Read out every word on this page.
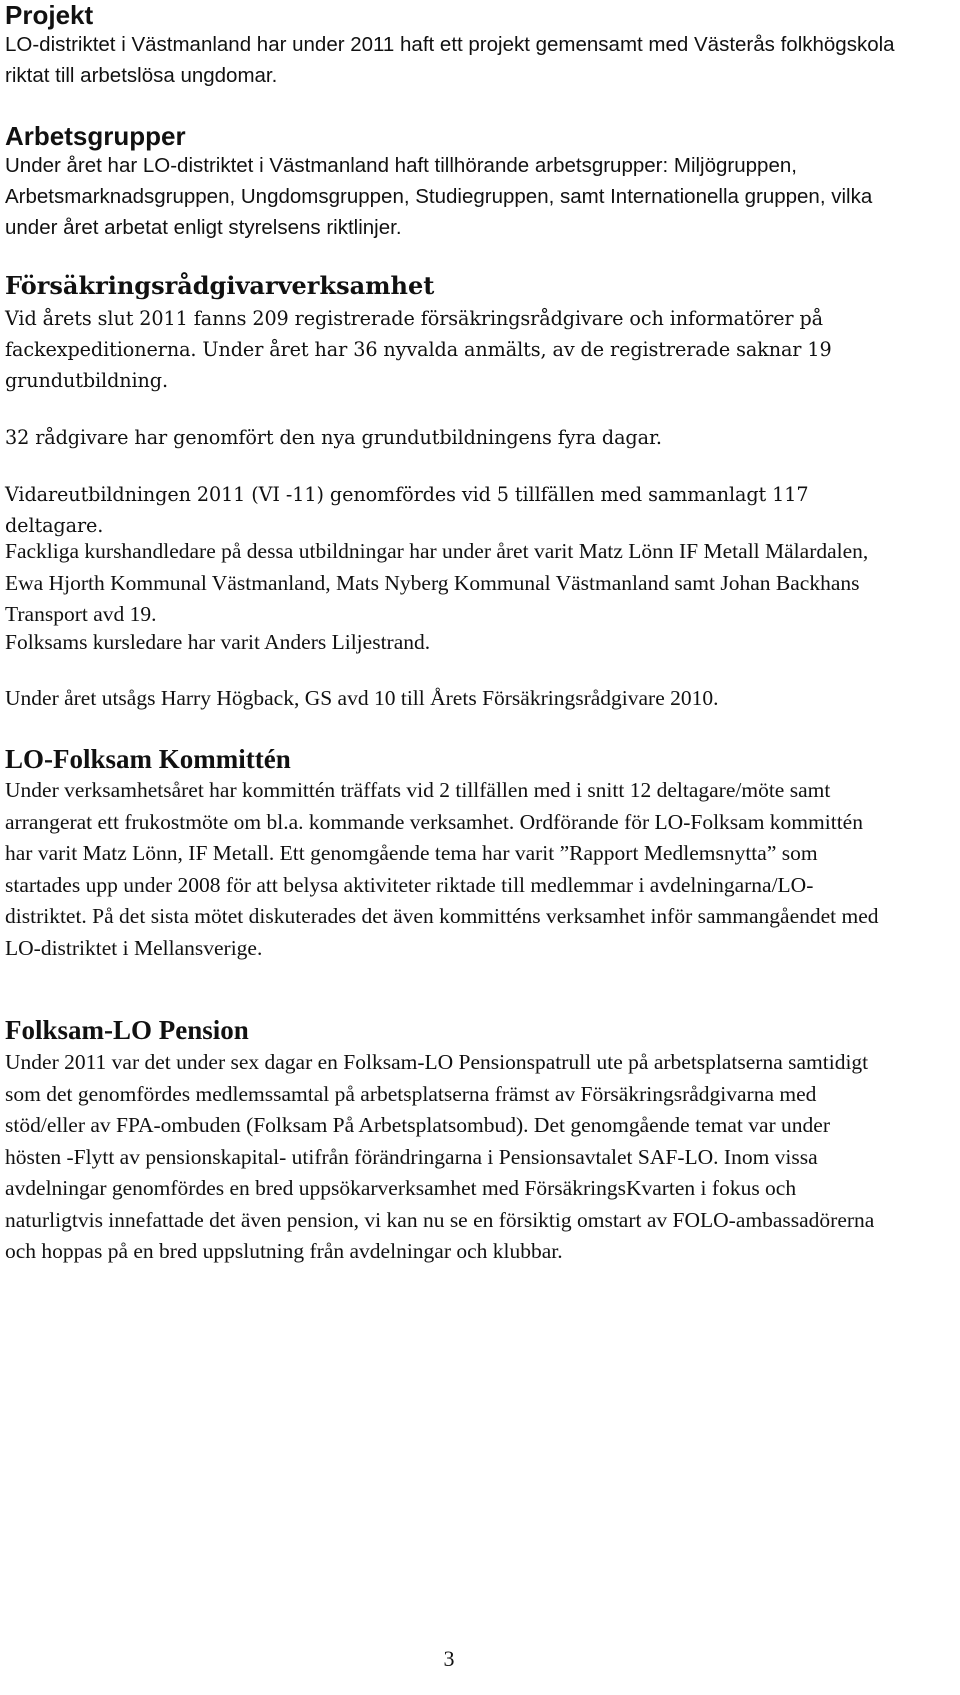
Projekt

LO-distriktet i Västmanland har under 2011 haft ett projekt gemensamt med Västerås folkhögskola riktat till arbetslösa ungdomar.

Arbetsgrupper

Under året har LO-distriktet i Västmanland haft tillhörande arbetsgrupper: Miljögruppen, Arbetsmarknadsgruppen, Ungdomsgruppen, Studiegruppen, samt Internationella gruppen, vilka under året arbetat enligt styrelsens riktlinjer.

Försäkringsrådgivarverksamhet

Vid årets slut 2011 fanns 209 registrerade försäkringsrådgivare och informatörer på fackexpeditionerna. Under året har 36 nyvalda anmälts, av de registrerade saknar 19 grundutbildning.

32 rådgivare har genomfört den nya grundutbildningens fyra dagar.

Vidareutbildningen 2011 (VI -11) genomfördes vid 5 tillfällen med sammanlagt 117 deltagare.

Fackliga kurshandledare på dessa utbildningar har under året varit Matz Lönn IF Metall Mälardalen, Ewa Hjorth Kommunal Västmanland, Mats Nyberg Kommunal Västmanland samt Johan Backhans Transport avd 19.

Folksams kursledare har varit Anders Liljestrand.

Under året utsågs Harry Högback, GS avd 10 till Årets Försäkringsrådgivare 2010.

LO-Folksam Kommittén

Under verksamhetsåret har kommittén träffats vid 2 tillfällen med i snitt 12 deltagare/möte samt arrangerat ett frukostmöte om bl.a. kommande verksamhet. Ordförande för LO-Folksam kommittén har varit Matz Lönn, IF Metall. Ett genomgående tema har varit ”Rapport Medlemsnytta” som startades upp under 2008 för att belysa aktiviteter riktade till medlemmar i avdelningarna/LO-distriktet. På det sista mötet diskuterades det även kommitténs verksamhet inför sammangåendet med LO-distriktet i Mellansverige.

Folksam-LO Pension

Under 2011 var det under sex dagar en Folksam-LO Pensionspatrull ute på arbetsplatserna samtidigt som det genomfördes medlemssamtal på arbetsplatserna främst av Försäkringsrådgivarna med stöd/eller av FPA-ombuden (Folksam På Arbetsplatsombud). Det genomgående temat var under hösten -Flytt av pensionskapital- utifrån förändringarna i Pensionsavtalet SAF-LO. Inom vissa avdelningar genomfördes en bred uppsökarverksamhet med FörsäkringsKvarten i fokus och naturligtvis innefattade det även pension, vi kan nu se en försiktig omstart av FOLO-ambassadörerna och hoppas på en bred uppslutning från avdelningar och klubbar.

3
